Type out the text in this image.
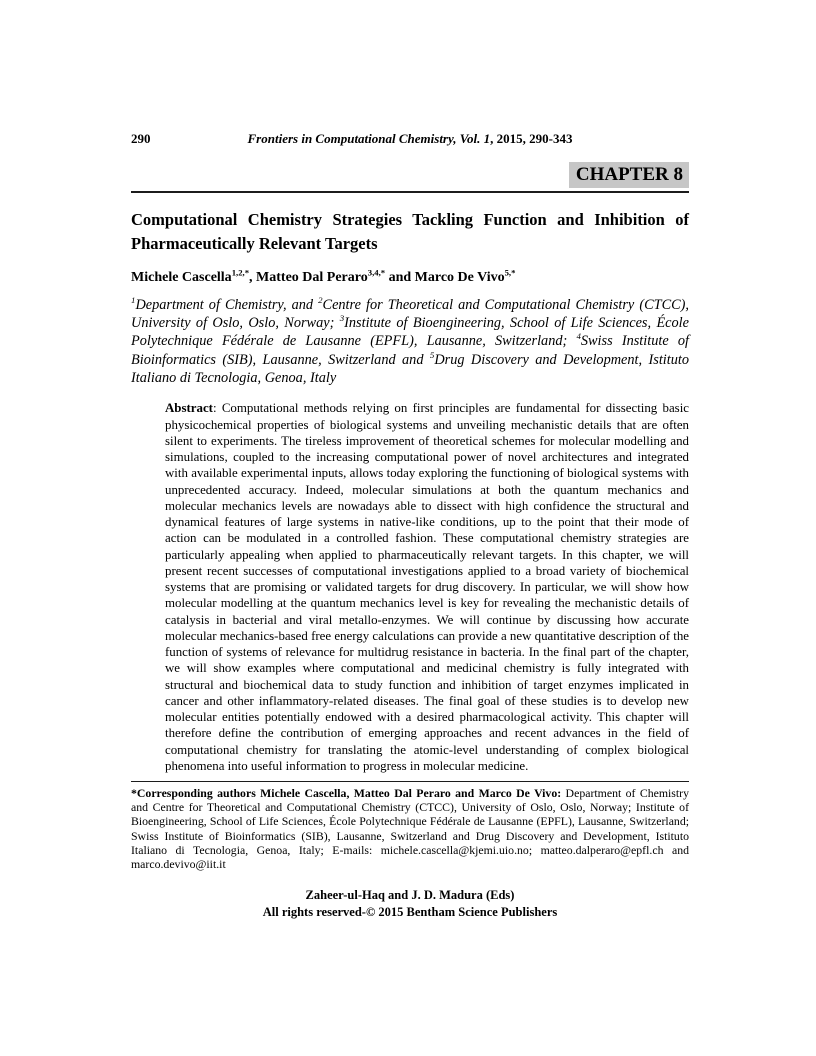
290	Frontiers in Computational Chemistry, Vol. 1, 2015, 290-343
CHAPTER 8
Computational Chemistry Strategies Tackling Function and Inhibition of Pharmaceutically Relevant Targets

Michele Cascella$^{1,2,*}$, Matteo Dal Peraro$^{3,4,*}$ and Marco De Vivo$^{5,*}$

$^1$Department of Chemistry, and $^2$Centre for Theoretical and Computational Chemistry (CTCC), University of Oslo, Oslo, Norway; $^3$Institute of Bioengineering, School of Life Sciences, École Polytechnique Fédérale de Lausanne (EPFL), Lausanne, Switzerland; $^4$Swiss Institute of Bioinformatics (SIB), Lausanne, Switzerland and $^5$Drug Discovery and Development, Istituto Italiano di Tecnologia, Genoa, Italy

Abstract: Computational methods relying on first principles are fundamental for dissecting basic physicochemical properties of biological systems and unveiling mechanistic details that are often silent to experiments. The tireless improvement of theoretical schemes for molecular modelling and simulations, coupled to the increasing computational power of novel architectures and integrated with available experimental inputs, allows today exploring the functioning of biological systems with unprecedented accuracy. Indeed, molecular simulations at both the quantum mechanics and molecular mechanics levels are nowadays able to dissect with high confidence the structural and dynamical features of large systems in native-like conditions, up to the point that their mode of action can be modulated in a controlled fashion. These computational chemistry strategies are particularly appealing when applied to pharmaceutically relevant targets. In this chapter, we will present recent successes of computational investigations applied to a broad variety of biochemical systems that are promising or validated targets for drug discovery. In particular, we will show how molecular modelling at the quantum mechanics level is key for revealing the mechanistic details of catalysis in bacterial and viral metallo-enzymes. We will continue by discussing how accurate molecular mechanics-based free energy calculations can provide a new quantitative description of the function of systems of relevance for multidrug resistance in bacteria. In the final part of the chapter, we will show examples where computational and medicinal chemistry is fully integrated with structural and biochemical data to study function and inhibition of target enzymes implicated in cancer and other inflammatory-related diseases. The final goal of these studies is to develop new molecular entities potentially endowed with a desired pharmacological activity. This chapter will therefore define the contribution of emerging approaches and recent advances in the field of computational chemistry for translating the atomic-level understanding of complex biological phenomena into useful information to progress in molecular medicine.

*Corresponding authors Michele Cascella, Matteo Dal Peraro and Marco De Vivo: Department of Chemistry and Centre for Theoretical and Computational Chemistry (CTCC), University of Oslo, Oslo, Norway; Institute of Bioengineering, School of Life Sciences, École Polytechnique Fédérale de Lausanne (EPFL), Lausanne, Switzerland; Swiss Institute of Bioinformatics (SIB), Lausanne, Switzerland and Drug Discovery and Development, Istituto Italiano di Tecnologia, Genoa, Italy; E-mails: michele.cascella@kjemi.uio.no; matteo.dalperaro@epfl.ch and marco.devivo@iit.it

Zaheer-ul-Haq and J. D. Madura (Eds)
All rights reserved-© 2015 Bentham Science Publishers
